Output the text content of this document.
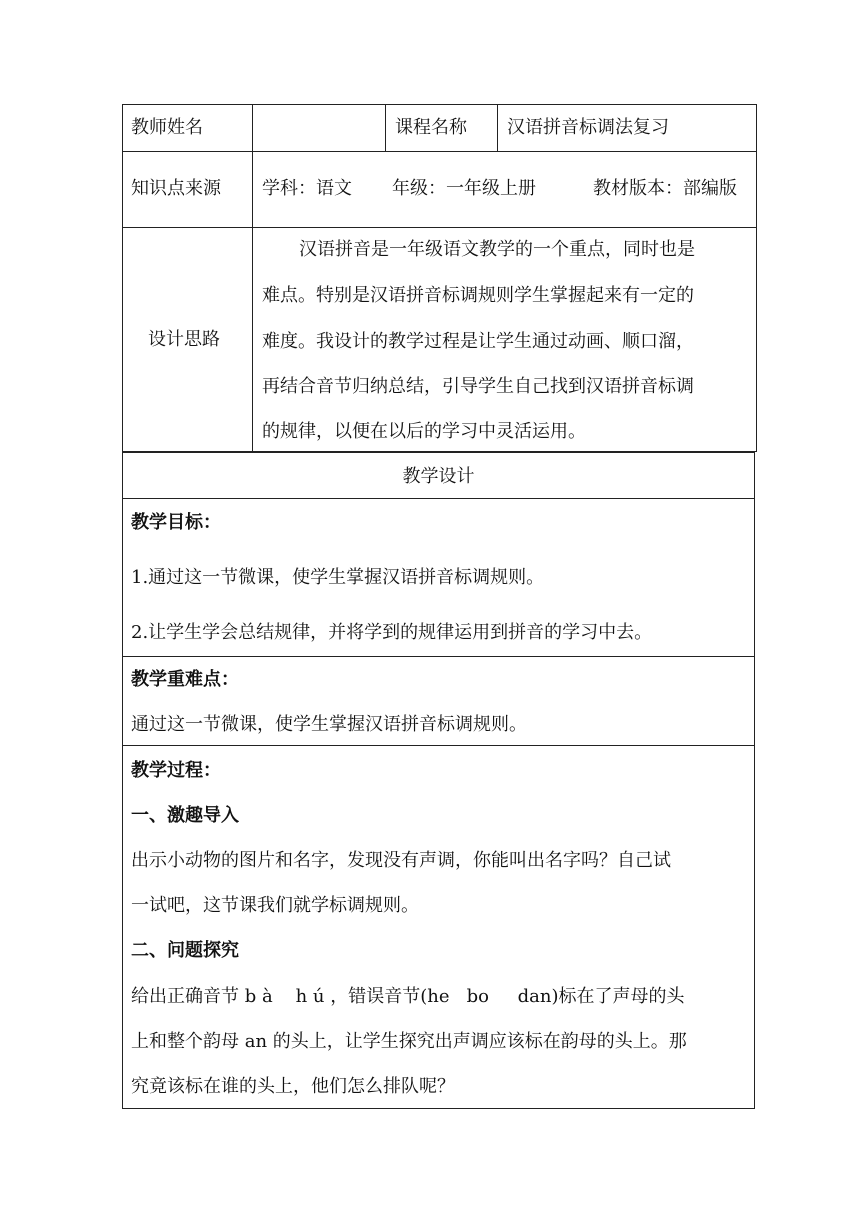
教师姓名	课程名称 汉语拼音标调法复习
知识点来源 学科：语文 年级：一年级上册	教材版本：部编版
设计思路
汉语拼音是一年级语文教学的一个重点，同时也是
难点。特别是汉语拼音标调规则学生掌握起来有一定的
难度。我设计的教学过程是让学生通过动画、顺口溜，
再结合音节归纳总结，引导学生自己找到汉语拼音标调
的规律，以便在以后的学习中灵活运用。
教学设计
教学目标：
1.通过这一节微课，使学生掌握汉语拼音标调规则。
2.让学生学会总结规律，并将学到的规律运用到拼音的学习中去。
教学重难点：
通过这一节微课，使学生掌握汉语拼音标调规则。
教学过程：
一、激趣导入
出示小动物的图片和名字，发现没有声调，你能叫出名字吗？自己试
一试吧，这节课我们就学标调规则。
二、问题探究
给出正确音节 b à    h ú ，错误音节(he   bo     dan)标在了声母的头
上和整个韵母 an 的头上，让学生探究出声调应该标在韵母的头上。那
究竟该标在谁的头上，他们怎么排队呢？
